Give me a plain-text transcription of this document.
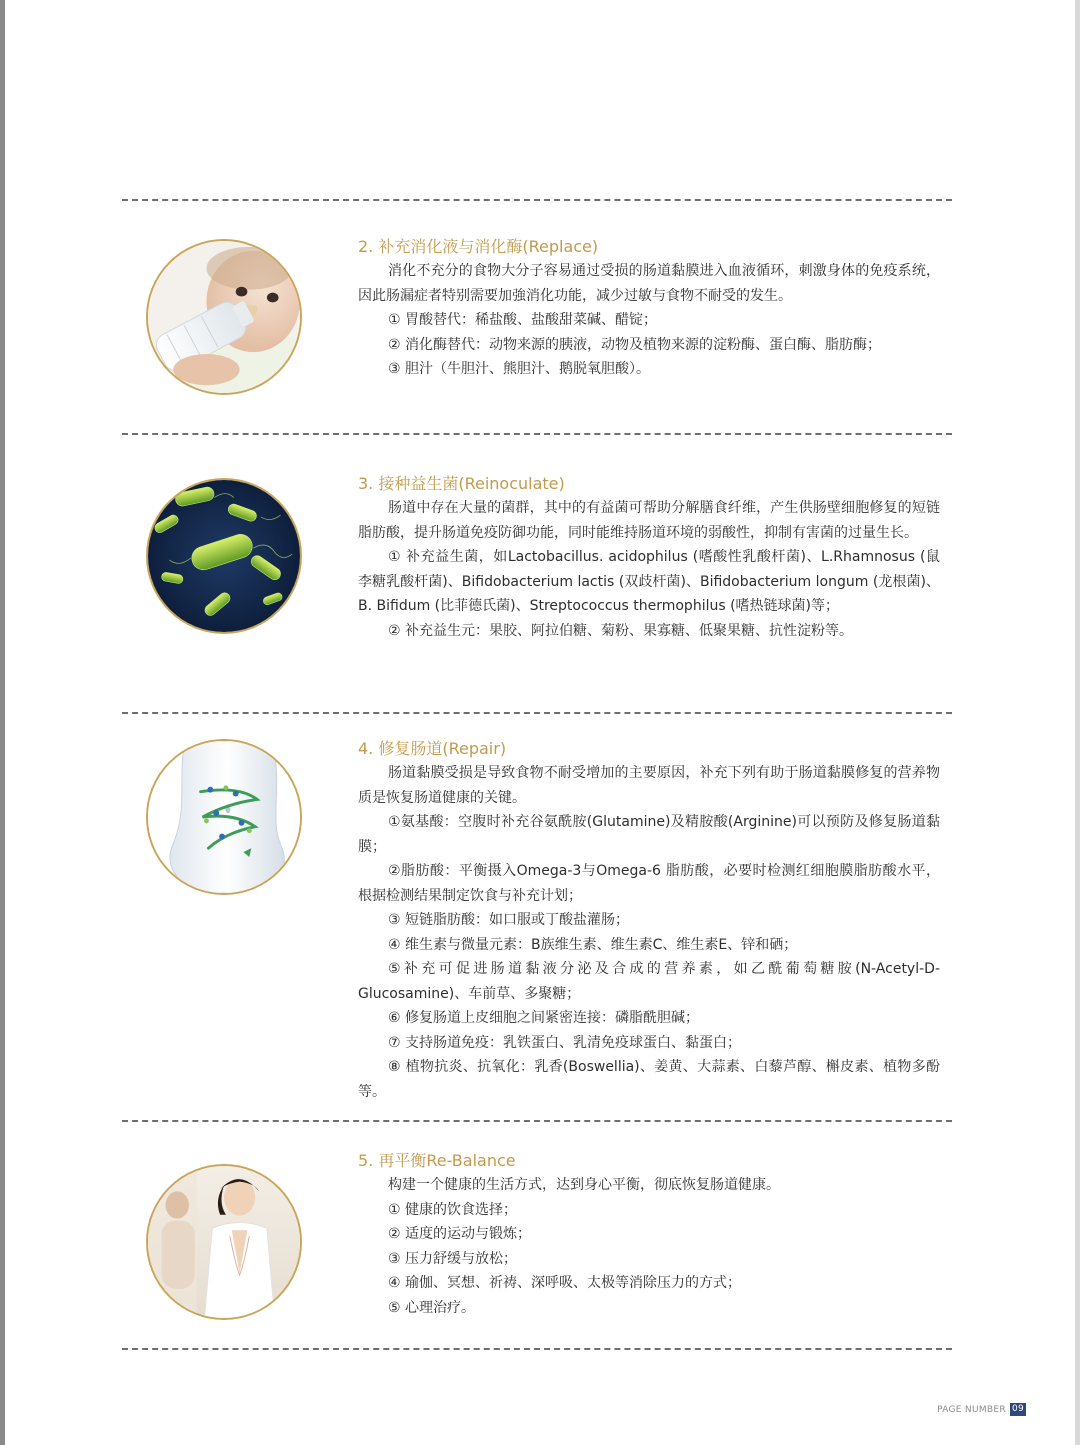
2. 补充消化液与消化酶(Replace)

消化不充分的食物大分子容易通过受损的肠道黏膜进入血液循环，刺激身体的免疫系统，因此肠漏症者特别需要加強消化功能，减少过敏与食物不耐受的发生。

① 胃酸替代：稀盐酸、盐酸甜菜碱、醋锭；

② 消化酶替代：动物来源的胰液，动物及植物来源的淀粉酶、蛋白酶、脂肪酶；

③ 胆汁（牛胆汁、熊胆汁、鹅脱氧胆酸）。

3. 接种益生菌(Reinoculate)

肠道中存在大量的菌群，其中的有益菌可帮助分解膳食纤维，产生供肠壁细胞修复的短链脂肪酸，提升肠道免疫防御功能，同时能维持肠道环境的弱酸性，抑制有害菌的过量生长。

① 补充益生菌，如Lactobacillus. acidophilus (嗜酸性乳酸杆菌)、L.Rhamnosus (鼠李糖乳酸杆菌)、Bifidobacterium lactis (双歧杆菌)、Bifidobacterium longum (龙根菌)、B. Bifidum (比菲德氏菌)、Streptococcus thermophilus (嗜热链球菌)等；

② 补充益生元：果胶、阿拉伯糖、菊粉、果寡糖、低聚果糖、抗性淀粉等。

4. 修复肠道(Repair)

肠道黏膜受损是导致食物不耐受增加的主要原因，补充下列有助于肠道黏膜修复的营养物质是恢复肠道健康的关键。

①氨基酸：空腹时补充谷氨酰胺(Glutamine)及精胺酸(Arginine)可以预防及修复肠道黏膜；

②脂肪酸：平衡摄入Omega-3与Omega-6 脂肪酸，必要时检测红细胞膜脂肪酸水平，根据检测结果制定饮食与补充计划；

③ 短链脂肪酸：如口服或丁酸盐灌肠；

④ 维生素与微量元素：B族维生素、维生素C、维生素E、锌和硒；

⑤补充可促进肠道黏液分泌及合成的营养素，如乙酰葡萄糖胺(N-Acetyl-D-Glucosamine)、车前草、多聚糖；

⑥ 修复肠道上皮细胞之间紧密连接：磷脂酰胆碱；

⑦ 支持肠道免疫：乳铁蛋白、乳清免疫球蛋白、黏蛋白；

⑧ 植物抗炎、抗氧化：乳香(Boswellia)、姜黄、大蒜素、白藜芦醇、槲皮素、植物多酚等。

5. 再平衡Re-Balance

构建一个健康的生活方式，达到身心平衡，彻底恢复肠道健康。

① 健康的饮食选择；

② 适度的运动与锻炼；

③ 压力舒缓与放松；

④ 瑜伽、冥想、祈祷、深呼吸、太极等消除压力的方式；

⑤ 心理治疗。

PAGE NUMBER 09
